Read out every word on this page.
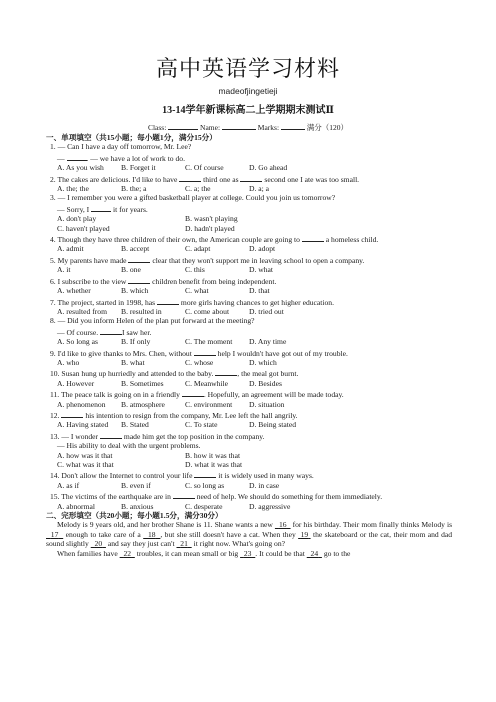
高中英语学习材料
madeofjingetieji
13-14学年新课标高二上学期期末测试Ⅱ
Class:	Name:	Marks:	满分（120）
一、单项填空（共15小题；每小题1分，满分15分）
1. — Can I have a day off tomorrow, Mr. Lee?
—	. — we have a lot of work to do.
A. As you wish	B. Forget it	C. Of course	D. Go ahead
2. The cakes are delicious. I'd like to have	third one as	second one I ate was too small.
A. the; the	B. the; a	C. a; the	D. a; a
3. — I remember you were a gifted basketball player at college. Could you join us tomorrow?
— Sorry, I	it for years.
A. don't play	B. wasn't playing
C. haven't played	D. hadn't played
4. Though they have three children of their own, the American couple are going to	a homeless child.
A. admit	B. accept	C. adapt	D. adopt
5. My parents have made	clear that they won't support me in leaving school to open a company.
A. it	B. one	C. this	D. what
6. I subscribe to the view	children benefit from being independent.
A. whether	B. which	C. what	D. that
7. The project, started in 1998, has	more girls having chances to get higher education.
A. resulted from	B. resulted in	C. come about	D. tried out
8. — Did you inform Helen of the plan put forward at the meeting?
— Of course.	I saw her.
A. So long as	B. If only	C. The moment	D. Any time
9. I'd like to give thanks to Mrs. Chen, without	help I wouldn't have got out of my trouble.
A. who	B. what	C. whose	D. which
10. Susan hung up hurriedly and attended to the baby.	, the meal got burnt.
A. However	B. Sometimes	C. Meanwhile	D. Besides
11. The peace talk is going on in a friendly	. Hopefully, an agreement will be made today.
A. phenomenon	B. atmosphere	C. environment	D. situation
12.	his intention to resign from the company, Mr. Lee left the hall angrily.
A. Having stated	B. Stated	C. To state	D. Being stated
13. — I wonder	made him get the top position in the company.
— His ability to deal with the urgent problems.
A. how was it that	B. how it was that
C. what was it that	D. what it was that
14. Don't allow the Internet to control your life	it is widely used in many ways.
A. as if	B. even if	C. so long as	D. in case
15. The victims of the earthquake are in	need of help. We should do something for them immediately.
A. abnormal	B. anxious	C. desperate	D. aggressive
二、完形填空（共20小题；每小题1.5分，满分30分）
Melody is 9 years old, and her brother Shane is 11. Shane wants a new 16 for his birthday. Their mom finally thinks Melody is   17 enough to take care of a 18 , but she still doesn't have a cat. When they 19 the skateboard or the cat, their mom and dad sound slightly 20 and say they just can't 21 it right now. What's going on?
When families have 22 troubles, it can mean small or big 23 . It could be that 24 go to the
